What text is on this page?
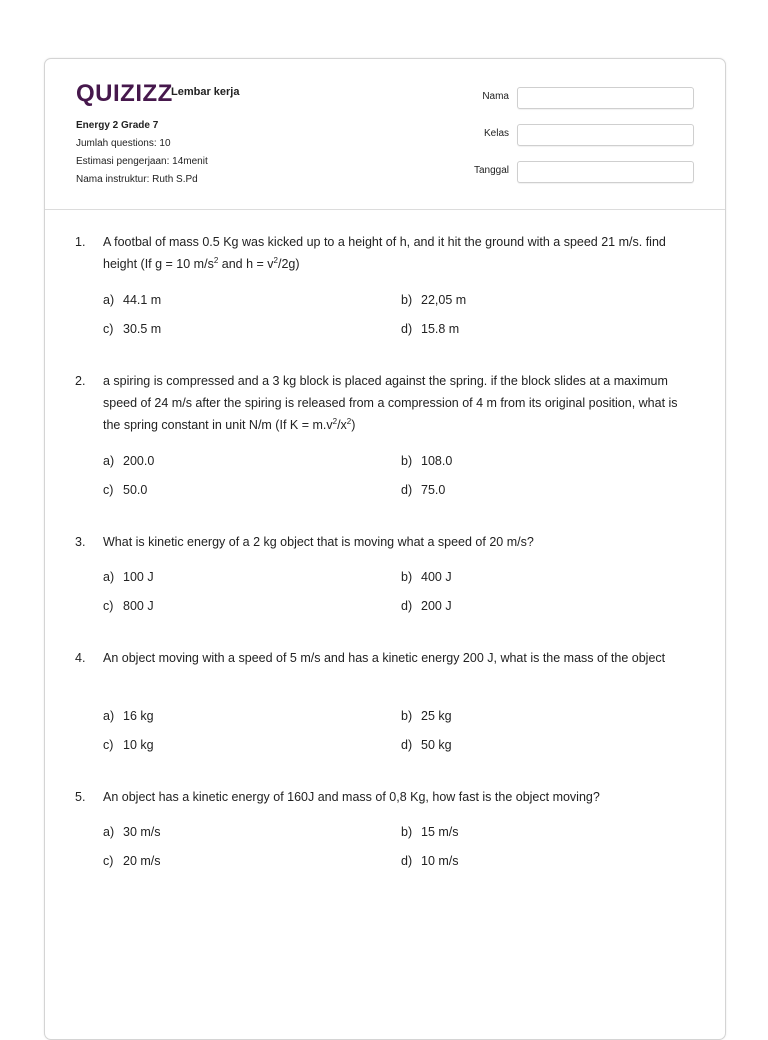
QUIZIZZ
Lembar kerja
Energy 2 Grade 7
Jumlah questions: 10
Estimasi pengerjaan: 14menit
Nama instruktur: Ruth S.Pd
Nama
Kelas
Tanggal
1.	A footbal of mass 0.5 Kg was kicked up to a height of h, and it hit the ground with a speed 21 m/s. find height (If g = 10 $m/s^2$ and $h = v^2/2g$)
a) 44.1 m	b) 22,05 m
c) 30.5 m	d) 15.8 m
2.	a spiring is compressed and a 3 kg block is placed against the spring. if the block slides at a maximum speed of 24 m/s after the spiring is released from a compression of 4 m from its original position, what is the spring constant in unit N/m (If $K = m.v^2/x^2$)
a) 200.0	b) 108.0
c) 50.0	d) 75.0
3.	What is kinetic energy of a 2 kg object that is moving what a speed of 20 m/s?
a) 100 J	b) 400 J
c) 800 J	d) 200 J
4.	An object moving with a speed of 5 m/s and has a kinetic energy 200 J, what is the mass of the object
a) 16 kg	b) 25 kg
c) 10 kg	d) 50 kg
5.	An object has a kinetic energy of 160J and mass of 0,8 Kg, how fast is the object moving?
a) 30 m/s	b) 15 m/s
c) 20 m/s	d) 10 m/s
